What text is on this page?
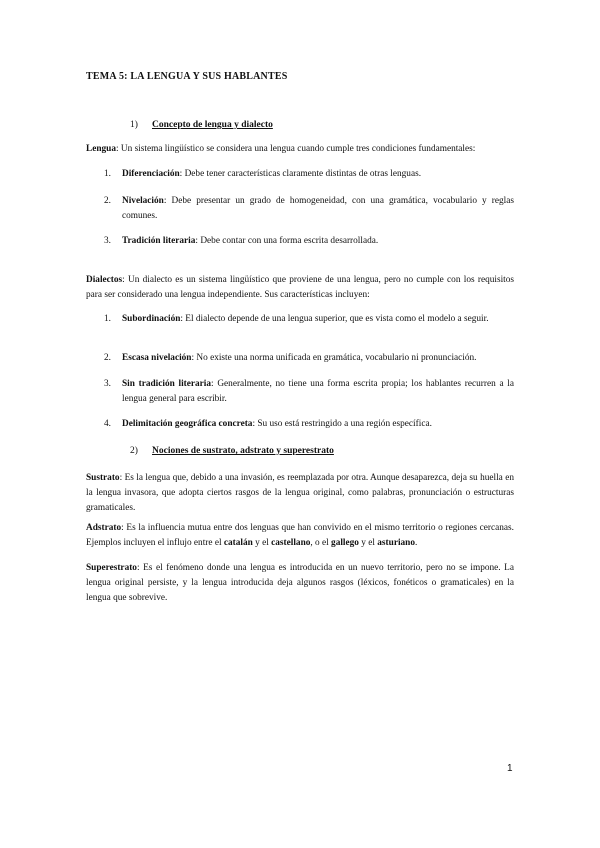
TEMA 5: LA LENGUA Y SUS HABLANTES
1) Concepto de lengua y dialecto
Lengua: Un sistema lingüístico se considera una lengua cuando cumple tres condiciones fundamentales:
1.	Diferenciación: Debe tener características claramente distintas de otras lenguas.
2.	Nivelación: Debe presentar un grado de homogeneidad, con una gramática, vocabulario y reglas comunes.
3.	Tradición literaria: Debe contar con una forma escrita desarrollada.
Dialectos: Un dialecto es un sistema lingüístico que proviene de una lengua, pero no cumple con los requisitos para ser considerado una lengua independiente. Sus características incluyen:
1.	Subordinación: El dialecto depende de una lengua superior, que es vista como el modelo a seguir.
2.	Escasa nivelación: No existe una norma unificada en gramática, vocabulario ni pronunciación.
3.	Sin tradición literaria: Generalmente, no tiene una forma escrita propia; los hablantes recurren a la lengua general para escribir.
4.	Delimitación geográfica concreta: Su uso está restringido a una región específica.
2) Nociones de sustrato, adstrato y superestrato
Sustrato: Es la lengua que, debido a una invasión, es reemplazada por otra. Aunque desaparezca, deja su huella en la lengua invasora, que adopta ciertos rasgos de la lengua original, como palabras, pronunciación o estructuras gramaticales.
Adstrato: Es la influencia mutua entre dos lenguas que han convivido en el mismo territorio o regiones cercanas. Ejemplos incluyen el influjo entre el catalán y el castellano, o el gallego y el asturiano.
Superestrato: Es el fenómeno donde una lengua es introducida en un nuevo territorio, pero no se impone. La lengua original persiste, y la lengua introducida deja algunos rasgos (léxicos, fonéticos o gramaticales) en la lengua que sobrevive.
1
